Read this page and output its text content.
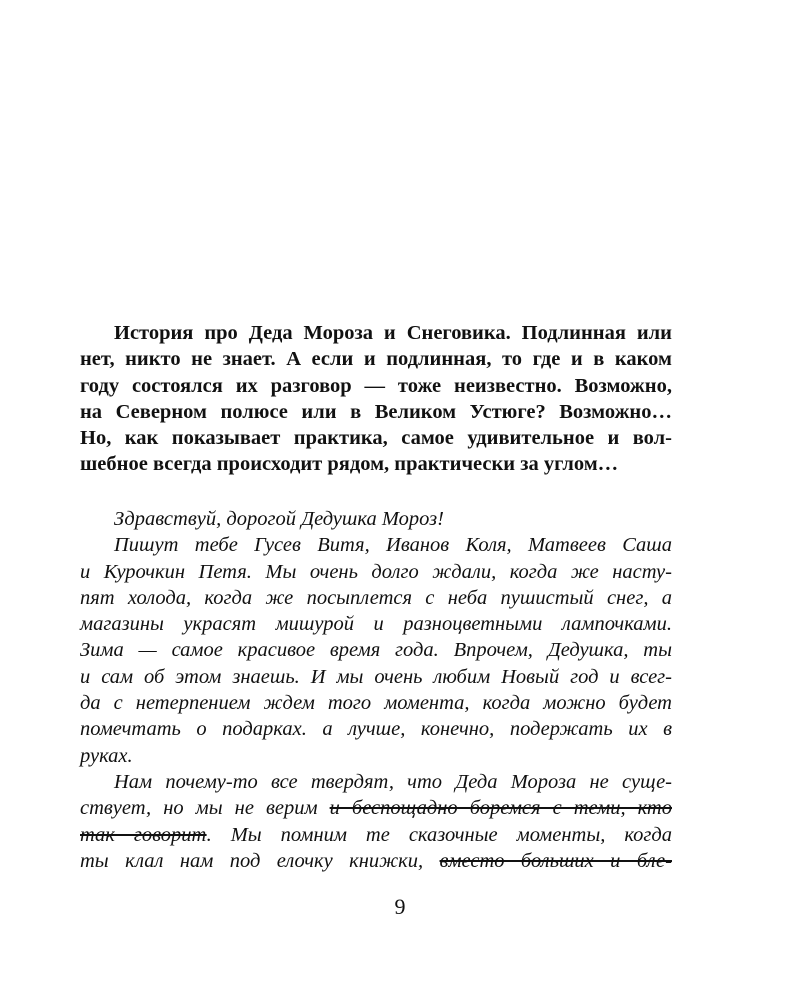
История про Деда Мороза и Снеговика. Подлинная или
нет, никто не знает. А если и подлинная, то где и в каком
году состоялся их разговор — тоже неизвестно. Возможно,
на Северном полюсе или в Великом Устюге? Возможно…
Но, как показывает практика, самое удивительное и вол-
шебное всегда происходит рядом, практически за углом…
Здравствуй, дорогой Дедушка Мороз!
Пишут тебе Гусев Витя, Иванов Коля, Матвеев Саша
и Курочкин Петя. Мы очень долго ждали, когда же насту-
пят холода, когда же посыплется с неба пушистый снег, а
магазины украсят мишурой и разноцветными лампочками.
Зима — самое красивое время года. Впрочем, Дедушка, ты
и сам об этом знаешь. И мы очень любим Новый год и всег-
да с нетерпением ждем того момента, когда можно будет
помечтать о подарках. а лучше, конечно, подержать их в
руках.
Нам почему-то все твердят, что Деда Мороза не суще-
ствует, но мы не верим и беспощадно боремся с теми, кто
так говорит. Мы помним те сказочные моменты, когда
ты клал нам под елочку книжки, вместо больших и бле-
9
